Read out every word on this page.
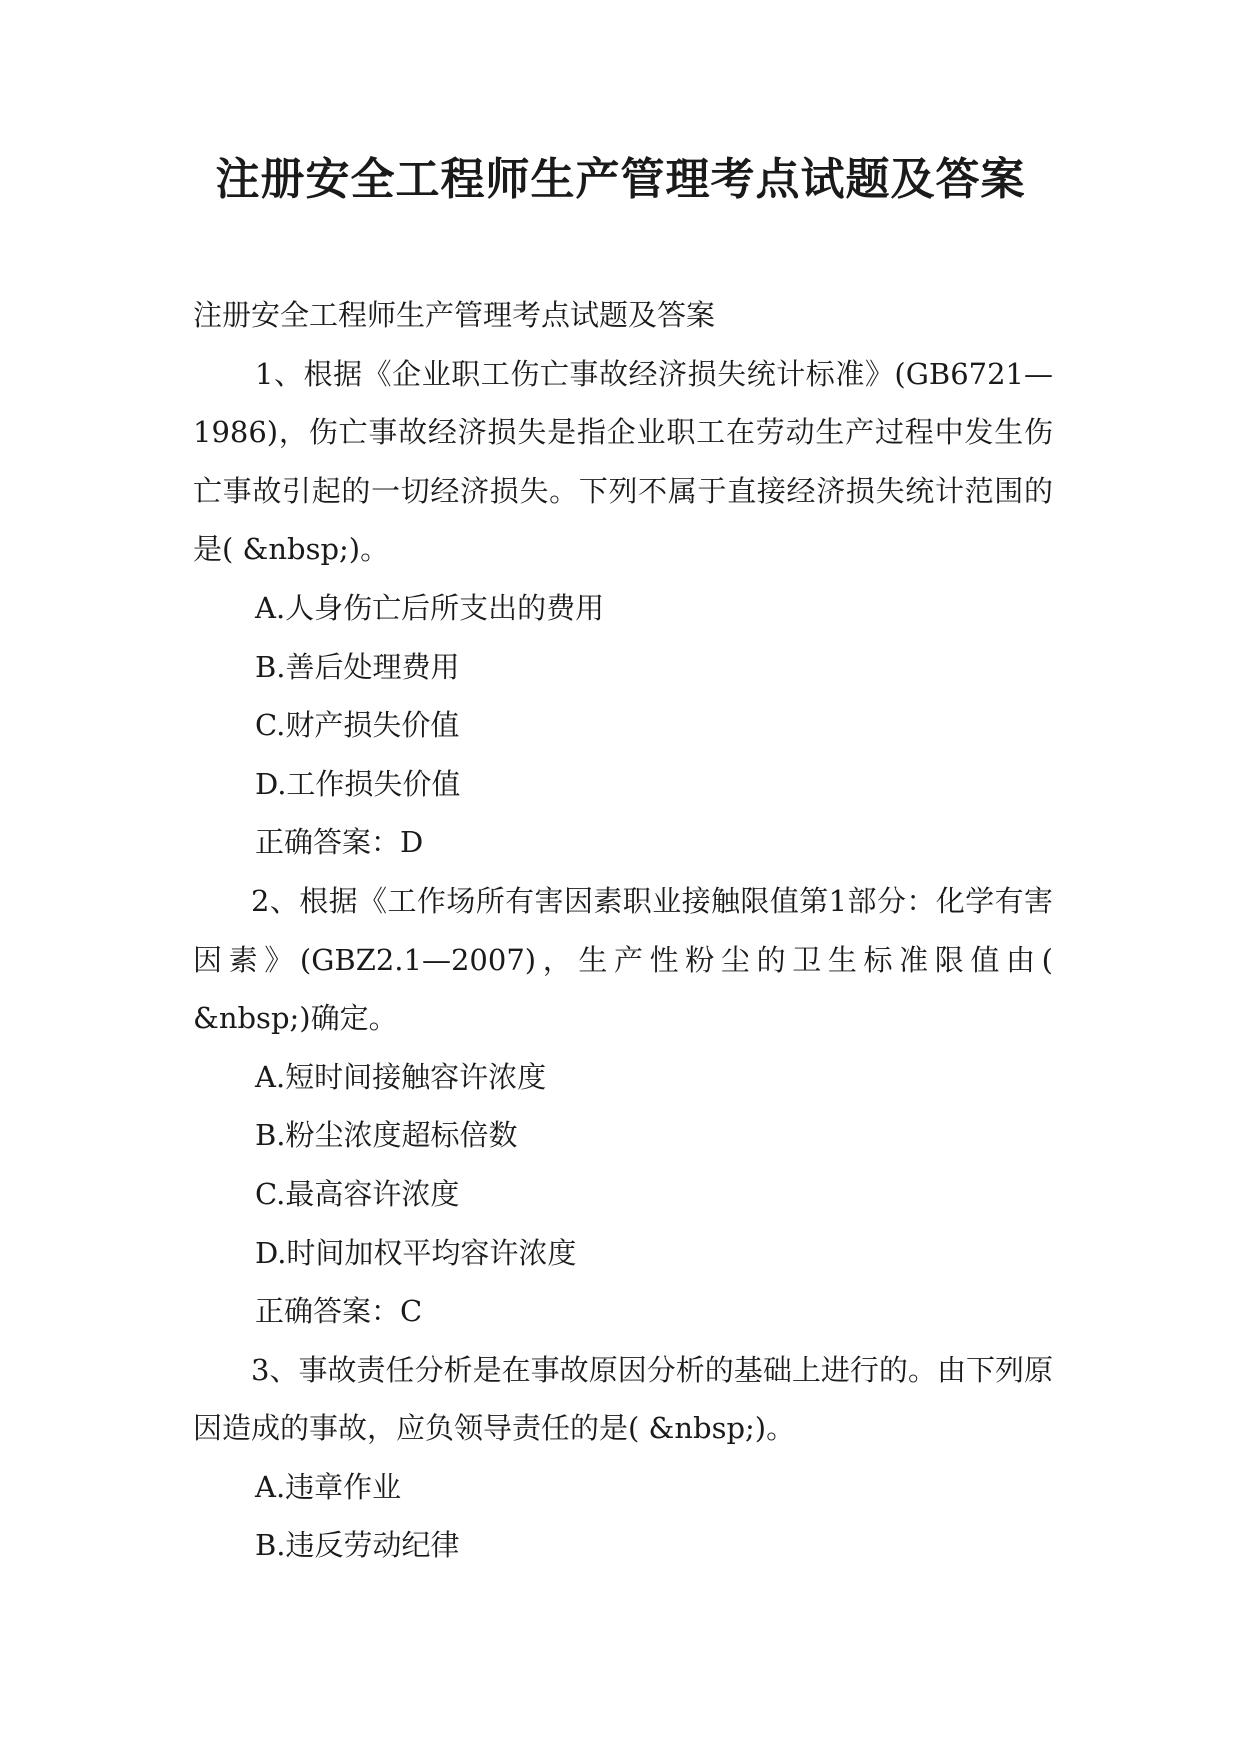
注册安全工程师生产管理考点试题及答案

注册安全工程师生产管理考点试题及答案

1、根据《企业职工伤亡事故经济损失统计标准》(GB6721—1986)，伤亡事故经济损失是指企业职工在劳动生产过程中发生伤亡事故引起的一切经济损失。下列不属于直接经济损失统计范围的是( &nbsp;)。

A.人身伤亡后所支出的费用

B.善后处理费用

C.财产损失价值

D.工作损失价值

正确答案：D

2、根据《工作场所有害因素职业接触限值第1部分：化学有害因素》(GBZ2.1—2007)，生产性粉尘的卫生标准限值由( &nbsp;)确定。

A.短时间接触容许浓度

B.粉尘浓度超标倍数

C.最高容许浓度

D.时间加权平均容许浓度

正确答案：C

3、事故责任分析是在事故原因分析的基础上进行的。由下列原因造成的事故，应负领导责任的是( &nbsp;)。

A.违章作业

B.违反劳动纪律
